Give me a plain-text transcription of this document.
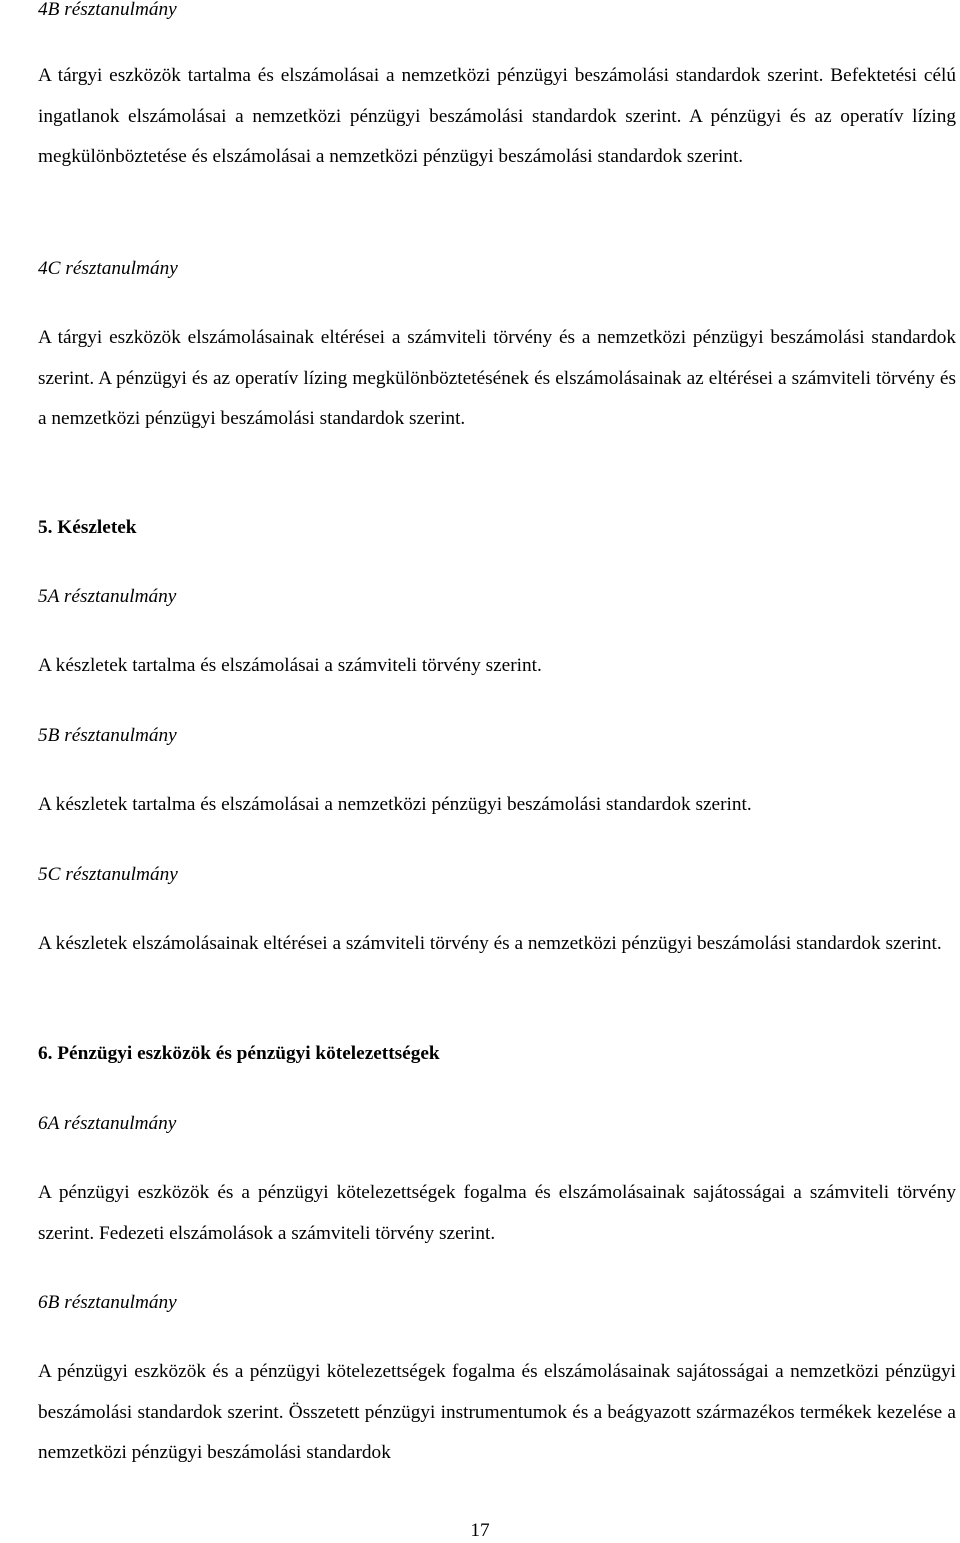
4B résztanulmány
A tárgyi eszközök tartalma és elszámolásai a nemzetközi pénzügyi beszámolási standardok szerint. Befektetési célú ingatlanok elszámolásai a nemzetközi pénzügyi beszámolási standardok szerint. A pénzügyi és az operatív lízing megkülönböztetése és elszámolásai a nemzetközi pénzügyi beszámolási standardok szerint.
4C résztanulmány
A tárgyi eszközök elszámolásainak eltérései a számviteli törvény és a nemzetközi pénzügyi beszámolási standardok szerint. A pénzügyi és az operatív lízing megkülönböztetésének és elszámolásainak az eltérései a számviteli törvény és a nemzetközi pénzügyi beszámolási standardok szerint.
5. Készletek
5A résztanulmány
A készletek tartalma és elszámolásai a számviteli törvény szerint.
5B résztanulmány
A készletek tartalma és elszámolásai a nemzetközi pénzügyi beszámolási standardok szerint.
5C résztanulmány
A készletek elszámolásainak eltérései a számviteli törvény és a nemzetközi pénzügyi beszámolási standardok szerint.
6. Pénzügyi eszközök és pénzügyi kötelezettségek
6A résztanulmány
A pénzügyi eszközök és a pénzügyi kötelezettségek fogalma és elszámolásainak sajátosságai a számviteli törvény szerint. Fedezeti elszámolások a számviteli törvény szerint.
6B résztanulmány
A pénzügyi eszközök és a pénzügyi kötelezettségek fogalma és elszámolásainak sajátosságai a nemzetközi pénzügyi beszámolási standardok szerint. Összetett pénzügyi instrumentumok és a beágyazott származékos termékek kezelése a nemzetközi pénzügyi beszámolási standardok
17
